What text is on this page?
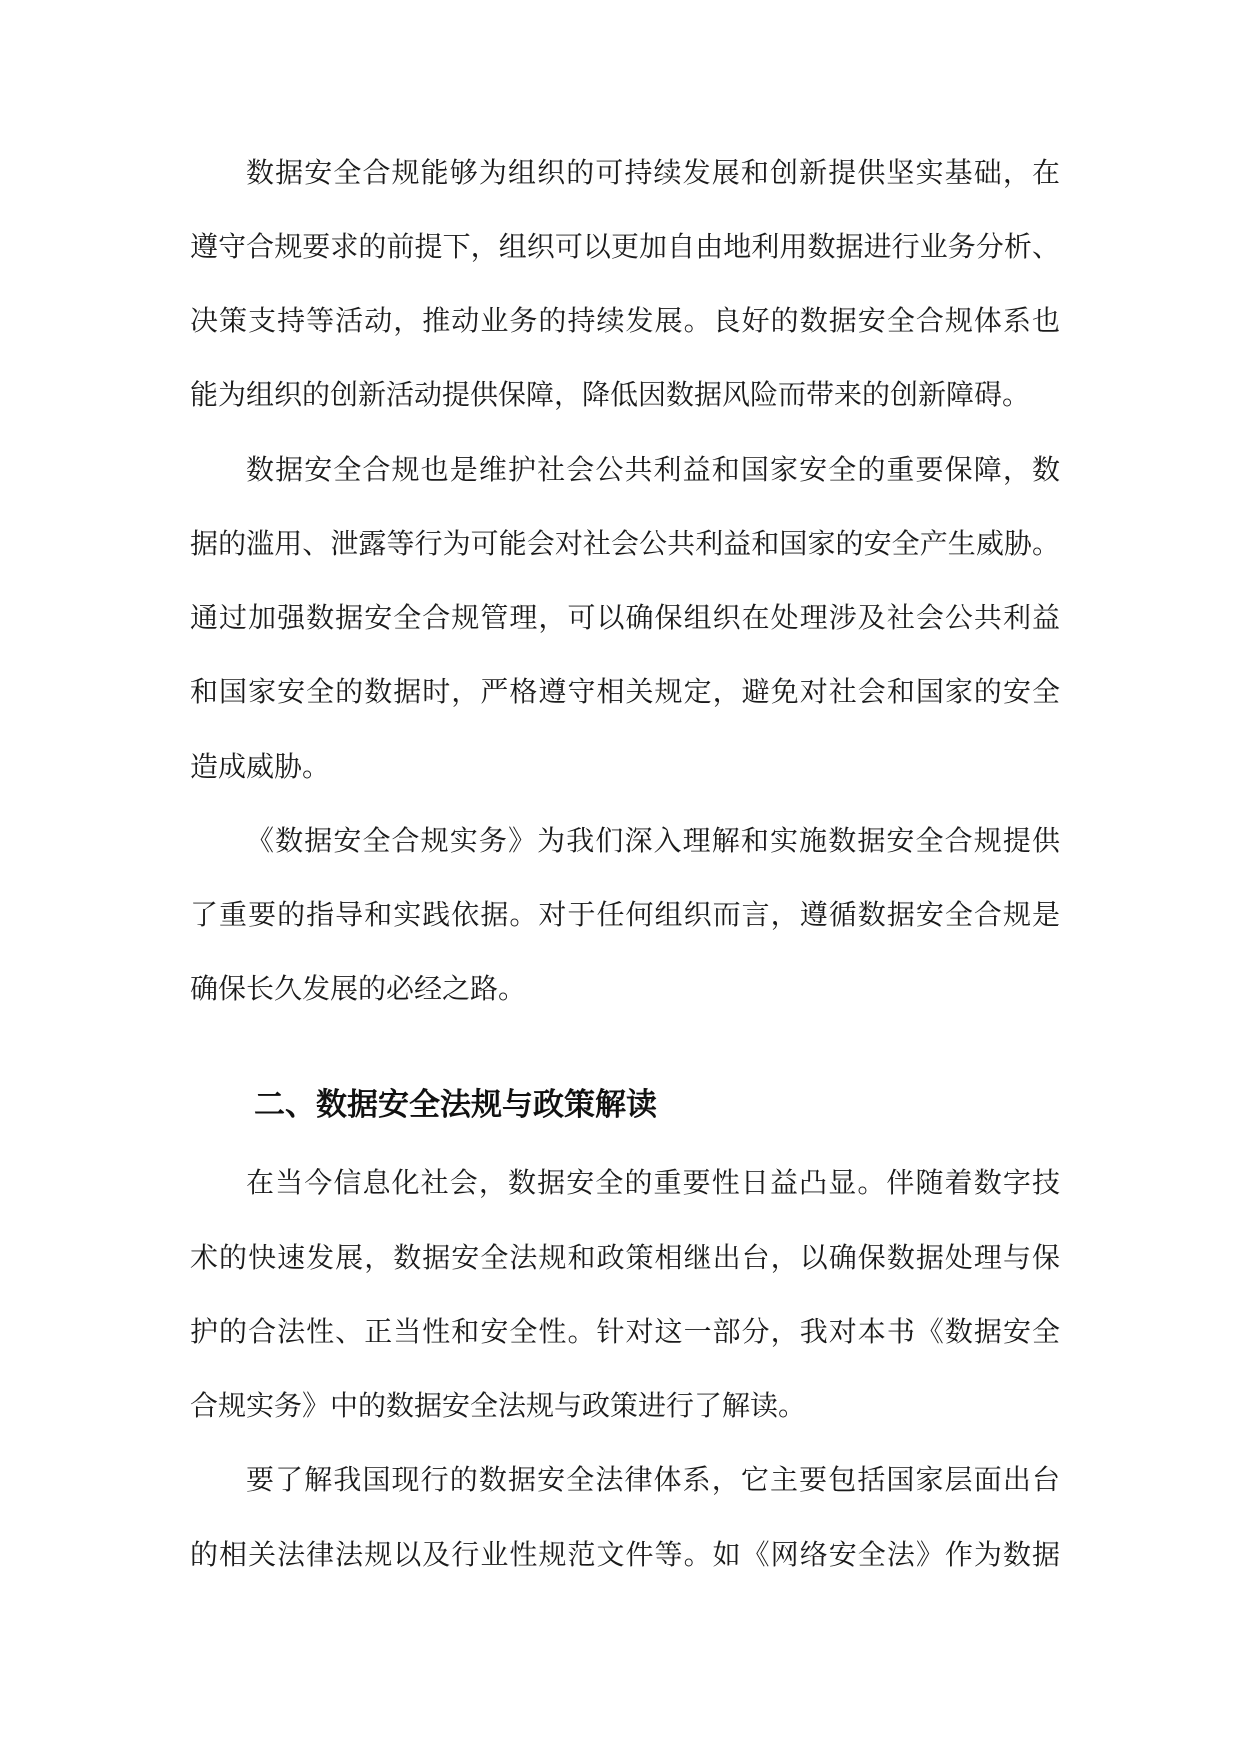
数据安全合规能够为组织的可持续发展和创新提供坚实基础，在
遵守合规要求的前提下，组织可以更加自由地利用数据进行业务分析、
决策支持等活动，推动业务的持续发展。良好的数据安全合规体系也
能为组织的创新活动提供保障，降低因数据风险而带来的创新障碍。
数据安全合规也是维护社会公共利益和国家安全的重要保障，数
据的滥用、泄露等行为可能会对社会公共利益和国家的安全产生威胁。
通过加强数据安全合规管理，可以确保组织在处理涉及社会公共利益
和国家安全的数据时，严格遵守相关规定，避免对社会和国家的安全
造成威胁。
《数据安全合规实务》为我们深入理解和实施数据安全合规提供
了重要的指导和实践依据。对于任何组织而言，遵循数据安全合规是
确保长久发展的必经之路。
二、数据安全法规与政策解读
在当今信息化社会，数据安全的重要性日益凸显。伴随着数字技
术的快速发展，数据安全法规和政策相继出台，以确保数据处理与保
护的合法性、正当性和安全性。针对这一部分，我对本书《数据安全
合规实务》中的数据安全法规与政策进行了解读。
要了解我国现行的数据安全法律体系，它主要包括国家层面出台
的相关法律法规以及行业性规范文件等。如《网络安全法》作为数据
